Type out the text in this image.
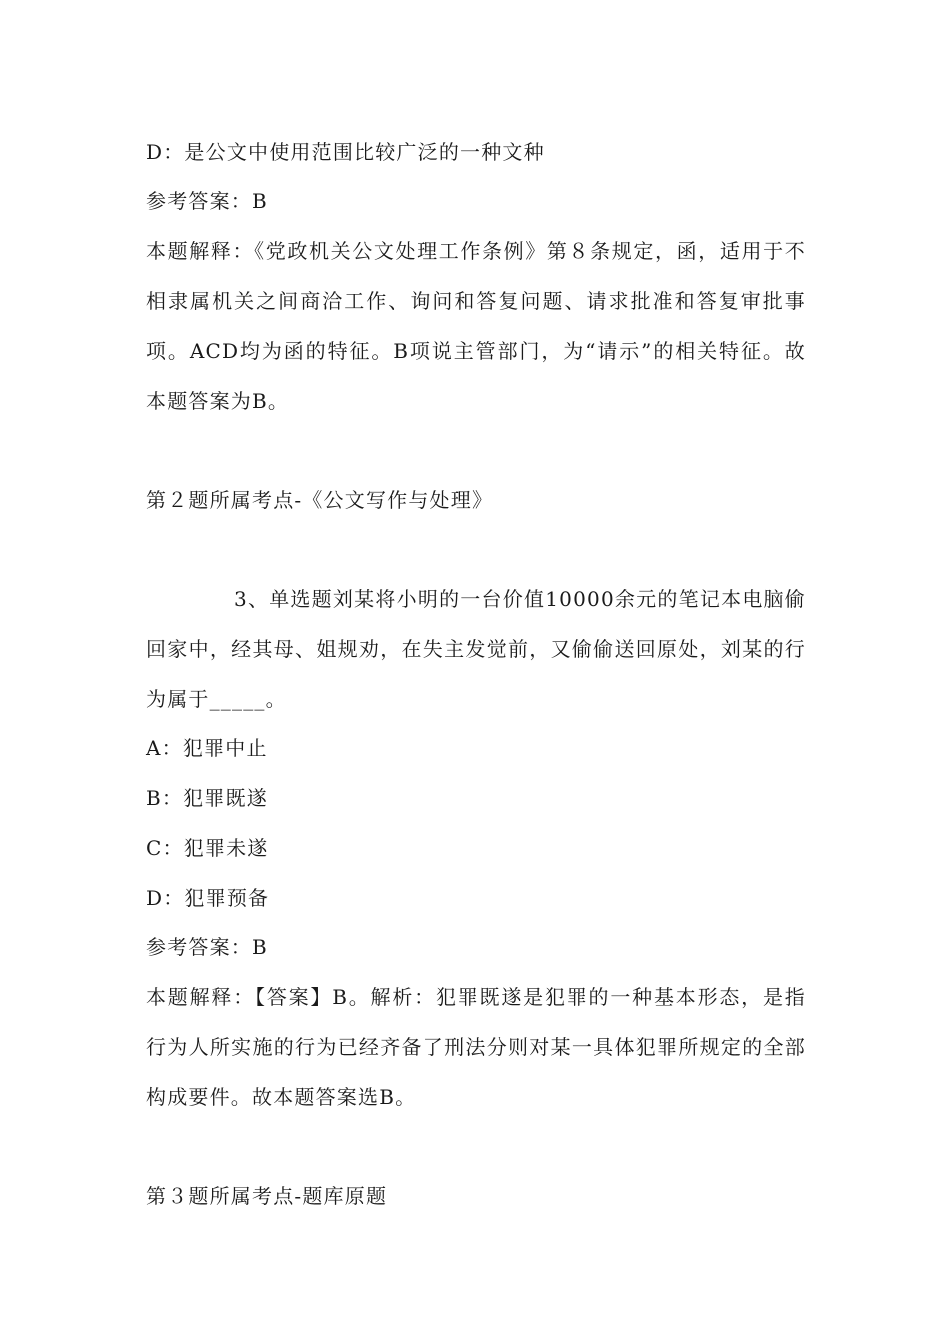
D：是公文中使用范围比较广泛的一种文种
参考答案：B
本题解释：《党政机关公文处理工作条例》第８条规定，函，适用于不相隶属机关之间商洽工作、询问和答复问题、请求批准和答复审批事项。ACD均为函的特征。B项说主管部门，为“请示”的相关特征。故本题答案为B。
第２题所属考点-《公文写作与处理》
3、单选题刘某将小明的一台价值10000余元的笔记本电脑偷回家中，经其母、姐规劝，在失主发觉前，又偷偷送回原处，刘某的行为属于_____。
A：犯罪中止
B：犯罪既遂
C：犯罪未遂
D：犯罪预备
参考答案：B
本题解释：【答案】B。解析：犯罪既遂是犯罪的一种基本形态，是指行为人所实施的行为已经齐备了刑法分则对某一具体犯罪所规定的全部构成要件。故本题答案选B。
第３题所属考点-题库原题
